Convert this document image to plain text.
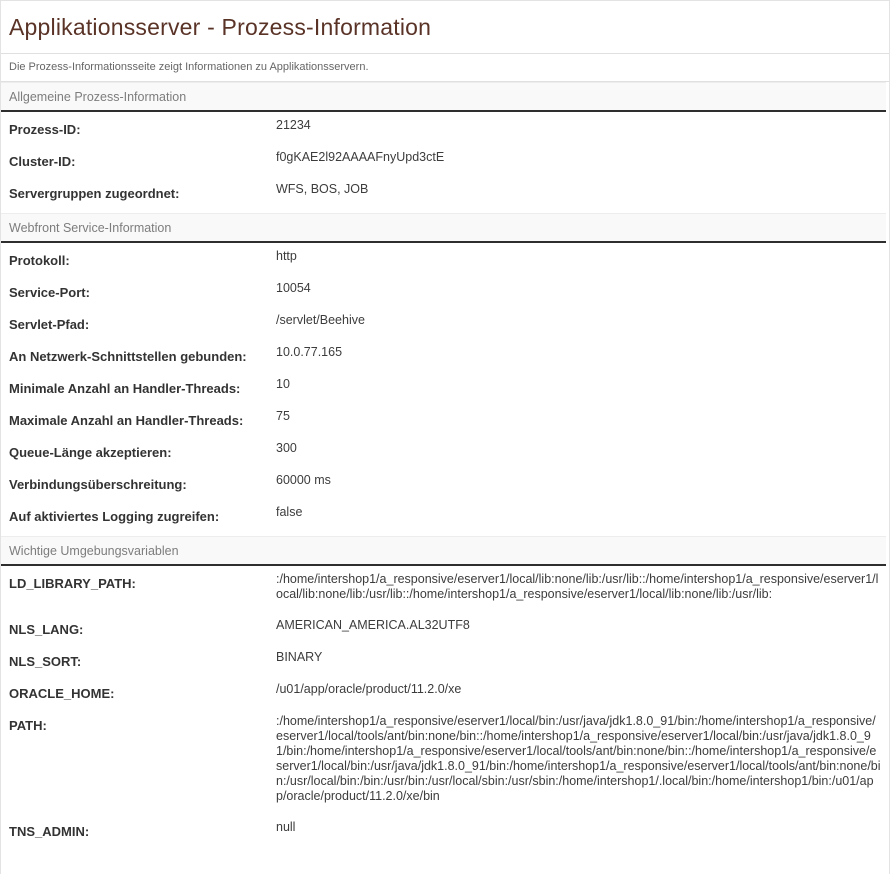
Applikationsserver - Prozess-Information

Die Prozess-Informationsseite zeigt Informationen zu Applikationsservern.

Allgemeine Prozess-Information
Prozess-ID:	21234
Cluster-ID:	f0gKAE2l92AAAAFnyUpd3ctE
Servergruppen zugeordnet:	WFS, BOS, JOB
Webfront Service-Information
Protokoll:	http
Service-Port:	10054
Servlet-Pfad:	/servlet/Beehive
An Netzwerk-Schnittstellen gebunden:	10.0.77.165
Minimale Anzahl an Handler-Threads:	10
Maximale Anzahl an Handler-Threads:	75
Queue-Länge akzeptieren:	300
Verbindungsüberschreitung:	60000 ms
Auf aktiviertes Logging zugreifen:	false
Wichtige Umgebungsvariablen
LD_LIBRARY_PATH:	:/home/intershop1/a_responsive/eserver1/local/lib:none/lib:/usr/lib::/home/intershop1/a_responsive/eserver1/local/lib:none/lib:/usr/lib::/home/intershop1/a_responsive/eserver1/local/lib:none/lib:/usr/lib:
NLS_LANG:	AMERICAN_AMERICA.AL32UTF8
NLS_SORT:	BINARY
ORACLE_HOME:	/u01/app/oracle/product/11.2.0/xe
PATH:	:/home/intershop1/a_responsive/eserver1/local/bin:/usr/java/jdk1.8.0_91/bin:/home/intershop1/a_responsive/eserver1/local/tools/ant/bin:none/bin::/home/intershop1/a_responsive/eserver1/local/bin:/usr/java/jdk1.8.0_91/bin:/home/intershop1/a_responsive/eserver1/local/tools/ant/bin:none/bin::/home/intershop1/a_responsive/eserver1/local/bin:/usr/java/jdk1.8.0_91/bin:/home/intershop1/a_responsive/eserver1/local/tools/ant/bin:none/bin:/usr/local/bin:/bin:/usr/bin:/usr/local/sbin:/usr/sbin:/home/intershop1/.local/bin:/home/intershop1/bin:/u01/app/oracle/product/11.2.0/xe/bin
TNS_ADMIN:	null
